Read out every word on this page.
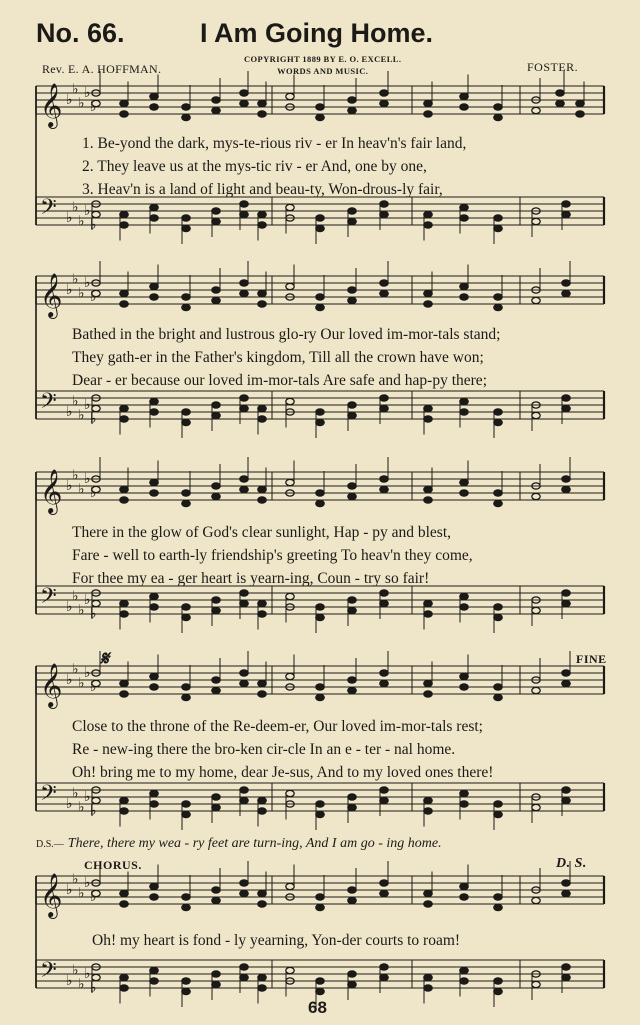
𝄞 ♭
♭
♭
♭
♭
𝄢 ♭
♭
♭
♭
♭
𝄞 ♭
♭
♭
♭
♭
𝄢 ♭
♭
♭
♭
♭
𝄞 ♭
♭
♭
♭
♭
𝄢 ♭
♭
♭
♭
♭
𝄞 ♭
♭
♭
♭
♭
𝄢 ♭
♭
♭
♭
♭
𝄞 ♭
♭
♭
♭
♭
𝄢 ♭
♭
♭
♭
♭
No. 66.	I Am Going Home.
Rev. E. A. HOFFMAN.
COPYRIGHT 1889 BY E. O. EXCELL.
WORDS AND MUSIC.	FOSTER.
1. Be-yond the dark, mys-te-rious riv - er In heav'n's fair land,
2. They leave us at the mys-tic riv - er And, one by one,
3. Heav'n is a land of light and beau-ty, Won-drous-ly fair,
Bathed in the bright and lustrous glo-ry Our loved im-mor-tals stand;
They gath-er in the Father's kingdom, Till all the crown have won;
Dear - er because our loved im-mor-tals Are safe and hap-py there;
There in the glow of God's clear sunlight, Hap - py and blest,
Fare - well to earth-ly friendship's greeting To heav'n they come,
For thee my ea - ger heart is yearn-ing, Coun - try so fair!
𝄋	FINE
Close to the throne of the Re-deem-er, Our loved im-mor-tals rest;
Re - new-ing there the bro-ken cir-cle In an e - ter - nal home.
Oh! bring me to my home, dear Je-sus, And to my loved ones there!
D.S.— There, there my wea - ry feet are turn-ing, And I am go - ing home.
CHORUS.	D. S.
Oh! my heart is fond - ly yearning, Yon-der courts to roam!
68
